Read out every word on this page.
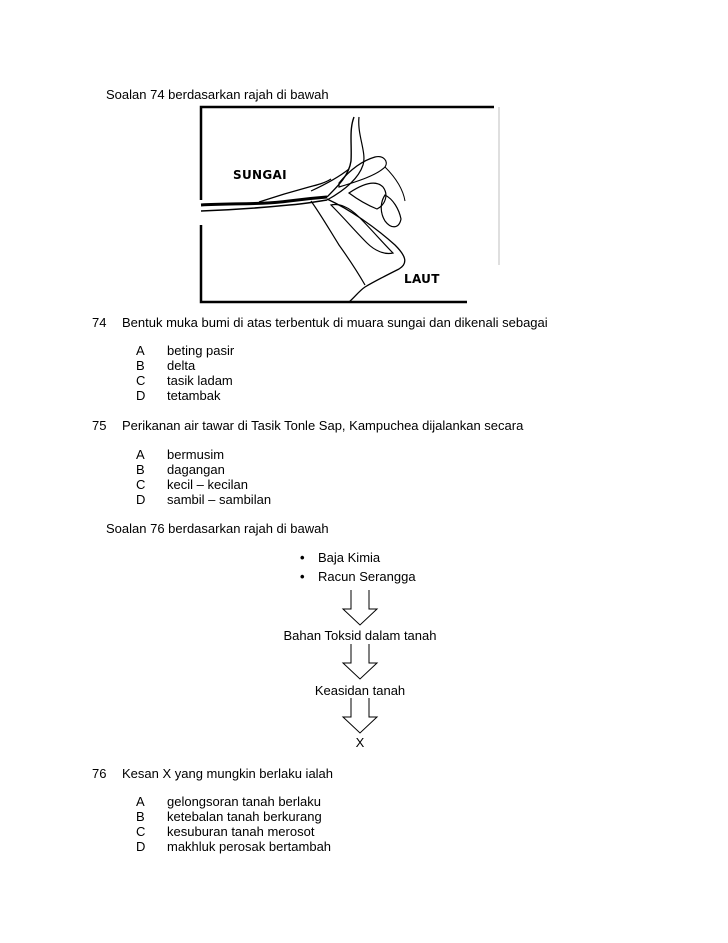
Soalan 74 berdasarkan rajah di bawah
SUNGAI
LAUT
74 Bentuk muka bumi di atas terbentuk di muara sungai dan dikenali sebagai
A beting pasir
B delta
C tasik ladam
D tetambak
75 Perikanan air tawar di Tasik Tonle Sap, Kampuchea dijalankan secara
A bermusim
B dagangan
C kecil – kecilan
D sambil – sambilan
Soalan 76 berdasarkan rajah di bawah
• Baja Kimia
• Racun Serangga
Bahan Toksid dalam tanah
Keasidan tanah
X
76 Kesan X yang mungkin berlaku ialah
A gelongsoran tanah berlaku
B ketebalan tanah berkurang
C kesuburan tanah merosot
D makhluk perosak bertambah
